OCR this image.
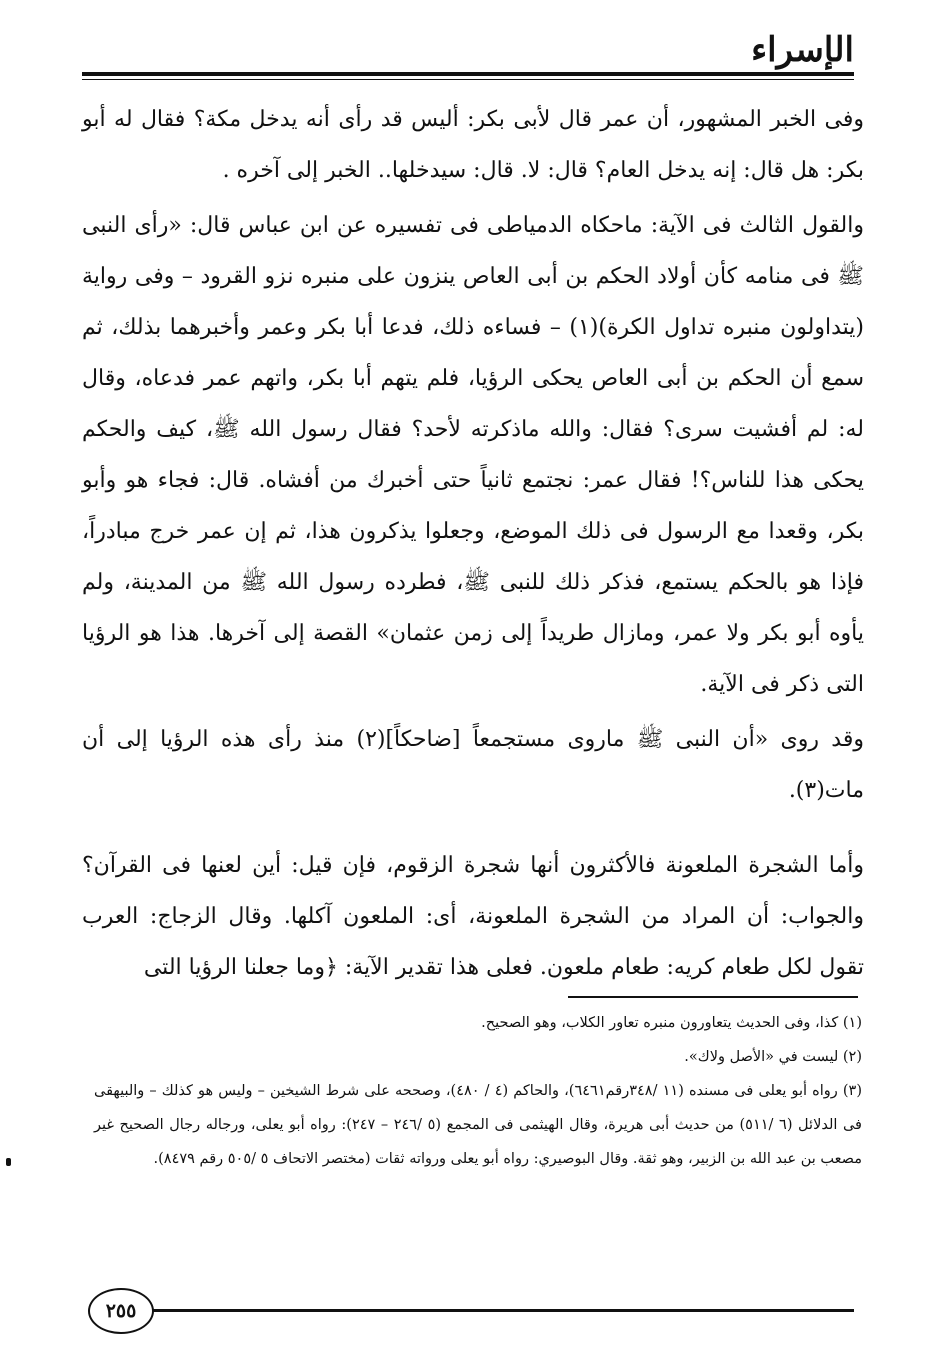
الإسراء

وفى الخبر المشهور، أن عمر قال لأبى بكر: أليس قد رأى أنه يدخل مكة؟ فقال له أبو بكر: هل قال: إنه يدخل العام؟ قال: لا. قال: سيدخلها.. الخبر إلى آخره .

والقول الثالث فى الآية: ماحكاه الدمياطى فى تفسيره عن ابن عباس قال: «رأى النبى ﷺ فى منامه كأن أولاد الحكم بن أبى العاص ينزون على منبره نزو القرود – وفى رواية (يتداولون منبره تداول الكرة)(١) – فساءه ذلك، فدعا أبا بكر وعمر وأخبرهما بذلك، ثم سمع أن الحكم بن أبى العاص يحكى الرؤيا، فلم يتهم أبا بكر، واتهم عمر فدعاه، وقال له: لم أفشيت سرى؟ فقال: والله ماذكرته لأحد؟ فقال رسول الله ﷺ، كيف والحكم يحكى هذا للناس؟! فقال عمر: نجتمع ثانياً حتى أخبرك من أفشاه. قال: فجاء هو وأبو بكر، وقعدا مع الرسول فى ذلك الموضع، وجعلوا يذكرون هذا، ثم إن عمر خرج مبادراً، فإذا هو بالحكم يستمع، فذكر ذلك للنبى ﷺ، فطرده رسول الله ﷺ من المدينة، ولم يأوه أبو بكر ولا عمر، ومازال طريداً إلى زمن عثمان» القصة إلى آخرها. هذا هو الرؤيا التى ذكر فى الآية.

وقد روى «أن النبى ﷺ ماروى مستجمعاً [ضاحكاً](٢) منذ رأى هذه الرؤيا إلى أن مات(٣).

وأما الشجرة الملعونة فالأكثرون أنها شجرة الزقوم، فإن قيل: أين لعنها فى القرآن؟ والجواب: أن المراد من الشجرة الملعونة، أى: الملعون آكلها. وقال الزجاج: العرب تقول لكل طعام كريه: طعام ملعون. فعلى هذا تقدير الآية: ﴿وما جعلنا الرؤيا التى

(١) كذا، وفى الحديث يتعاورون منبره تعاور الكلاب، وهو الصحيح.

(٢) ليست في «الأصل ولاك».

(٣) رواه أبو يعلى فى مسنده (١١ /٣٤٨رقم٦٤٦١)، والحاكم (٤ / ٤٨٠)، وصححه على شرط الشيخين – وليس هو كذلك – والبيهقى فى الدلائل (٦ /٥١١) من حديث أبى هريرة، وقال الهيثمى فى المجمع (٥ /٢٤٦ – ٢٤٧): رواه أبو يعلى، ورجاله رجال الصحيح غير مصعب بن عبد الله بن الزبير، وهو ثقة. وقال البوصيري: رواه أبو يعلى ورواته ثقات (مختصر الاتحاف ٥ /٥٠٥ رقم ٨٤٧٩).

٢٥٥
